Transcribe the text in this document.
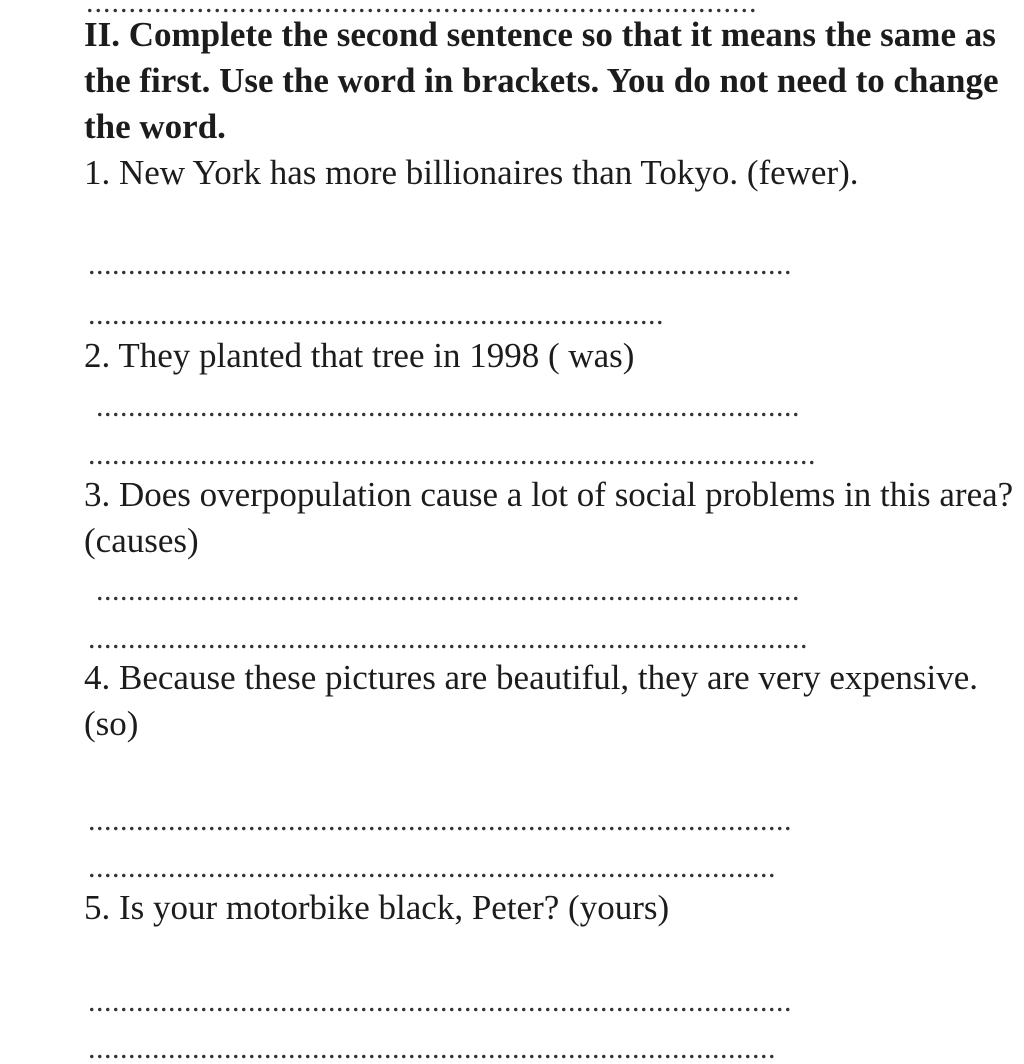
...............................................................................

II. Complete the second sentence so that it means the same as the first. Use the word in brackets. You do not need to change the word.

1. New York has more billionaires than Tokyo. (fewer).

........................................................................................
........................................................................

2. They planted that tree in 1998 ( was)

........................................................................................
...........................................................................................

3. Does overpopulation cause a lot of social problems in this area? (causes)

........................................................................................
..........................................................................................

4. Because these pictures are beautiful, they are very expensive. (so)

........................................................................................
......................................................................................

5. Is your motorbike black, Peter? (yours)

........................................................................................
......................................................................................
